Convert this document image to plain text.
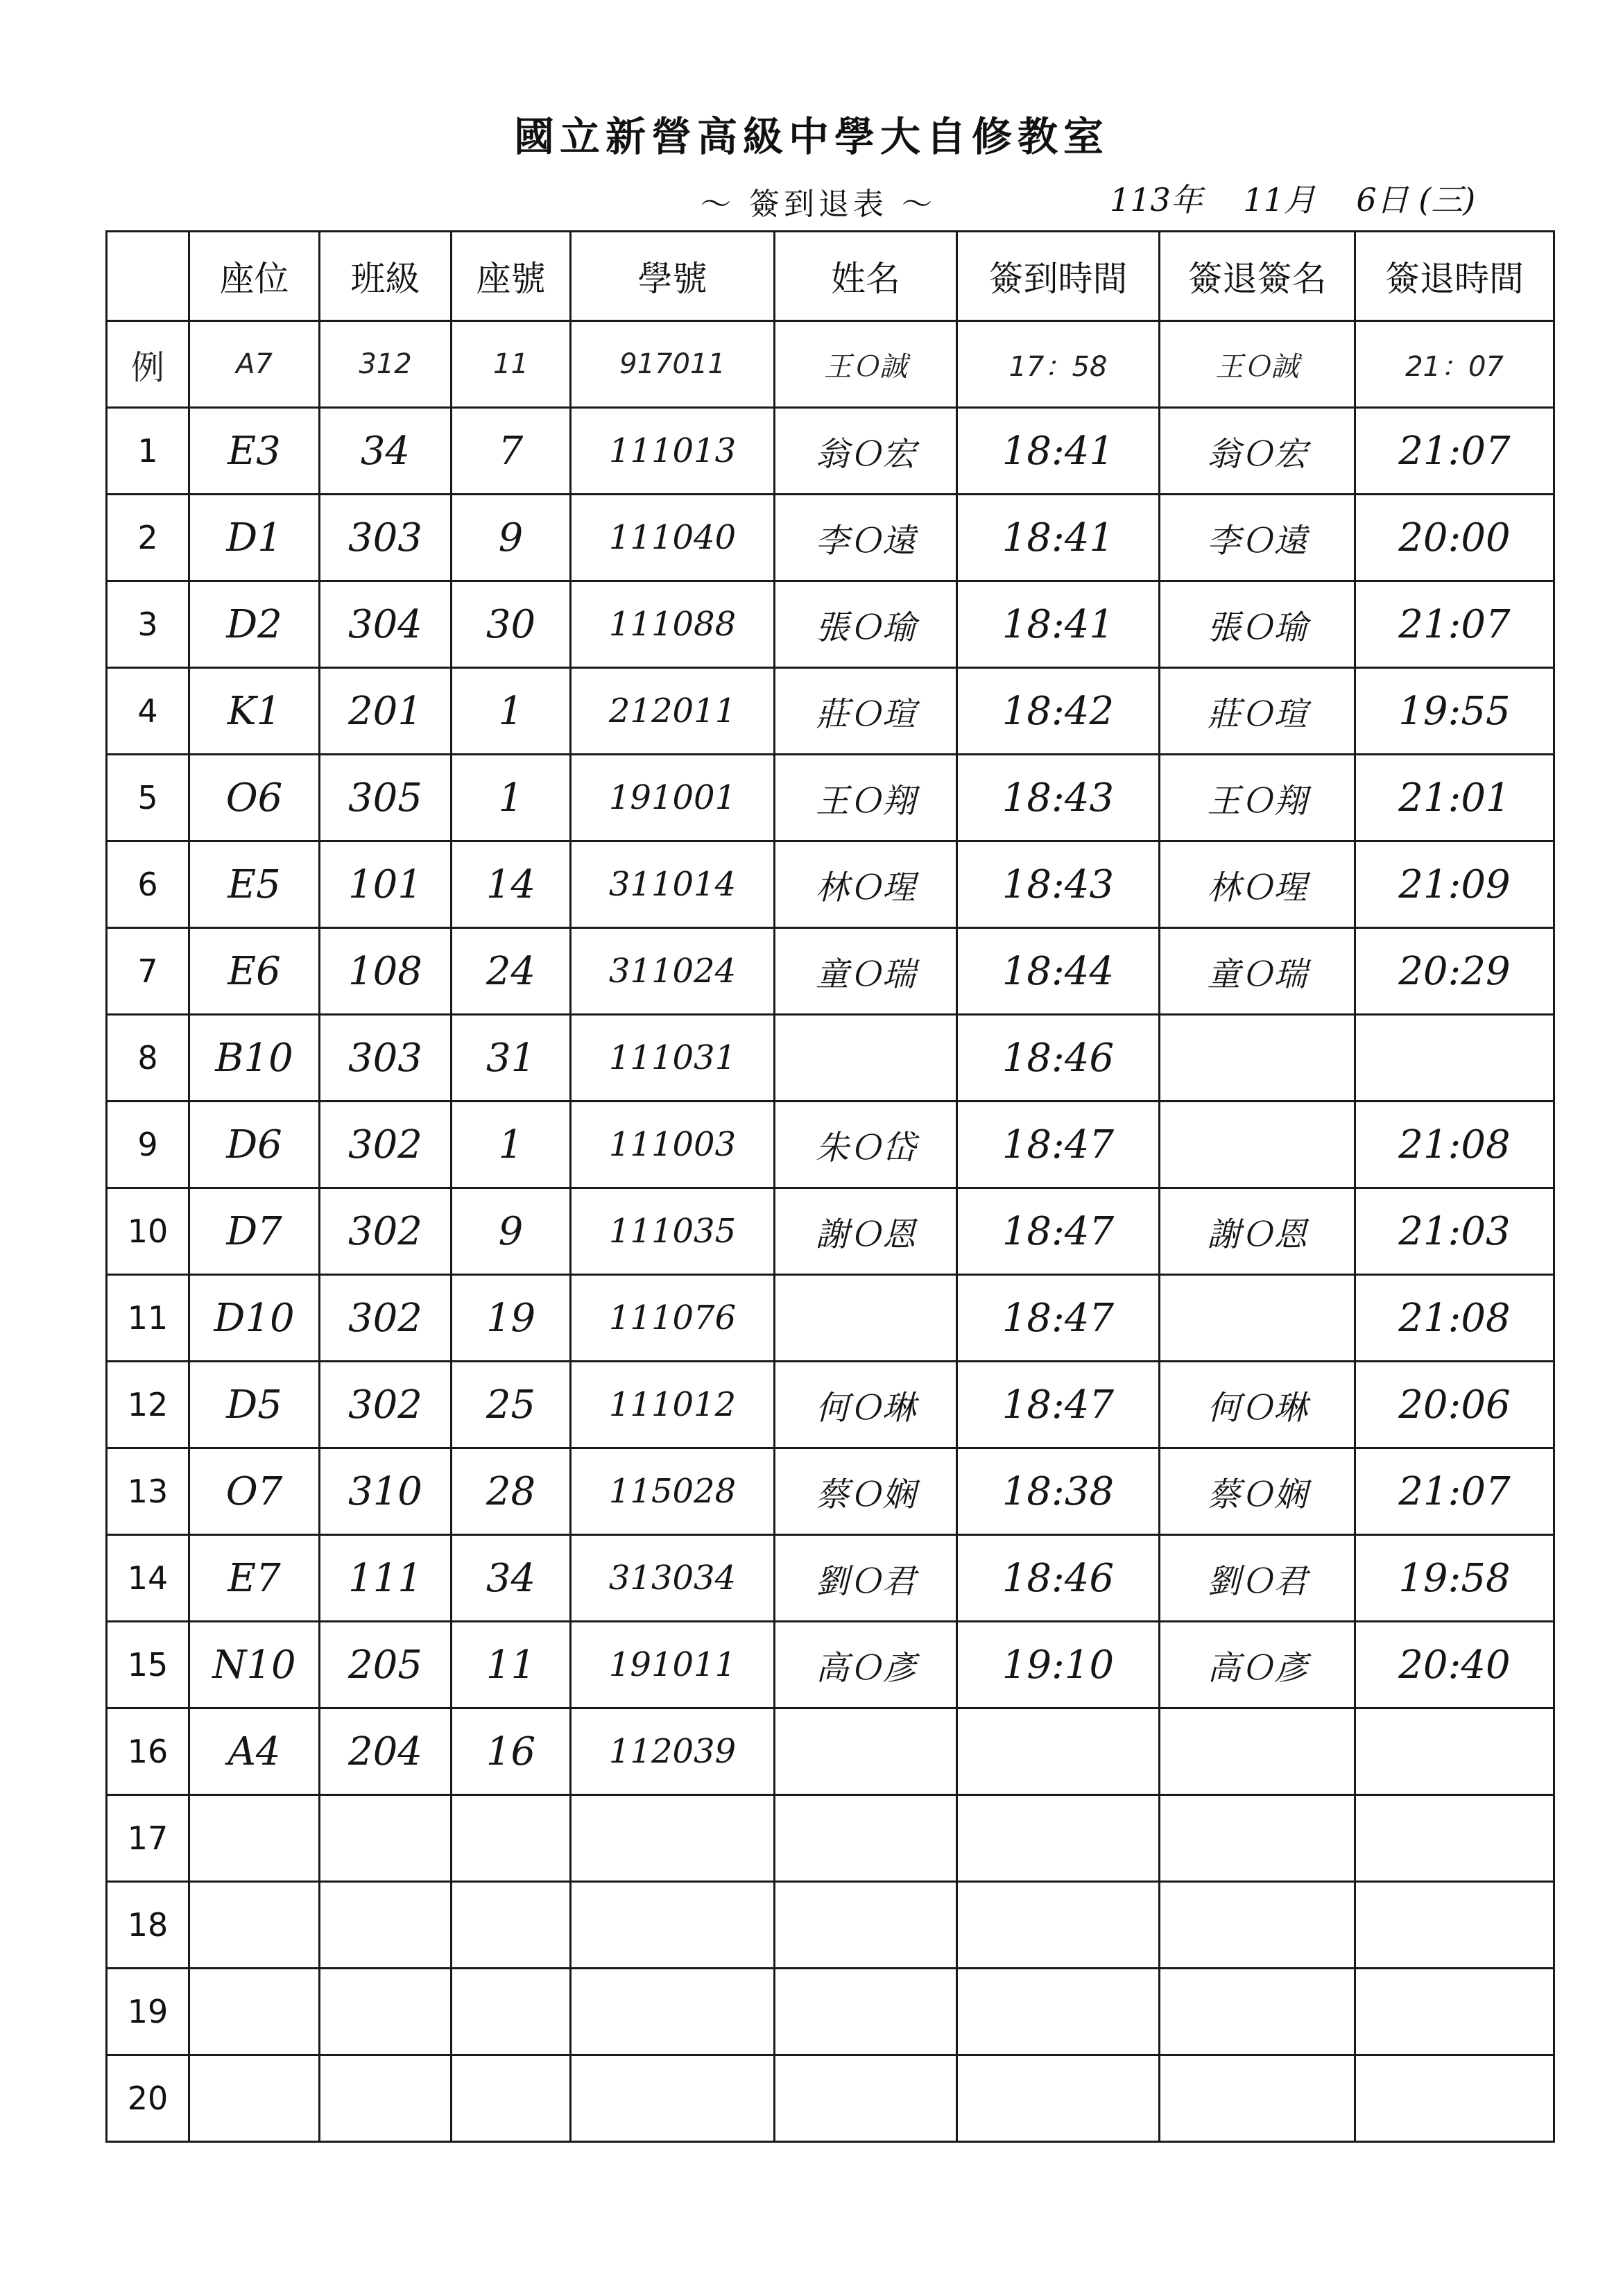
國立新營高級中學大自修教室
～ 簽到退表 ～	113年 11月 6日 (三)
	座位	班級	座號	學號	姓名	簽到時間	簽退簽名	簽退時間
例	A7	312	11	917011	王Ｏ誠	17：58	王Ｏ誠	21：07
1	E3	34	7	111013	翁Ｏ宏	18:41	翁Ｏ宏	21:07
2	D1	303	9	111040	李Ｏ遠	18:41	李Ｏ遠	20:00
3	D2	304	30	111088	張Ｏ瑜	18:41	張Ｏ瑜	21:07
4	K1	201	1	212011	莊Ｏ瑄	18:42	莊Ｏ瑄	19:55
5	O6	305	1	191001	王Ｏ翔	18:43	王Ｏ翔	21:01
6	E5	101	14	311014	林Ｏ瑆	18:43	林Ｏ瑆	21:09
7	E6	108	24	311024	童Ｏ瑞	18:44	童Ｏ瑞	20:29
8	B10	303	31	111031		18:46		
9	D6	302	1	111003	朱Ｏ岱	18:47		21:08
10	D7	302	9	111035	謝Ｏ恩	18:47	謝Ｏ恩	21:03
11	D10	302	19	111076		18:47		21:08
12	D5	302	25	111012	何Ｏ琳	18:47	何Ｏ琳	20:06
13	O7	310	28	115028	蔡Ｏ娴	18:38	蔡Ｏ娴	21:07
14	E7	111	34	313034	劉Ｏ君	18:46	劉Ｏ君	19:58
15	N10	205	11	191011	高Ｏ彥	19:10	高Ｏ彥	20:40
16	A4	204	16	112039				
17								
18								
19								
20								
